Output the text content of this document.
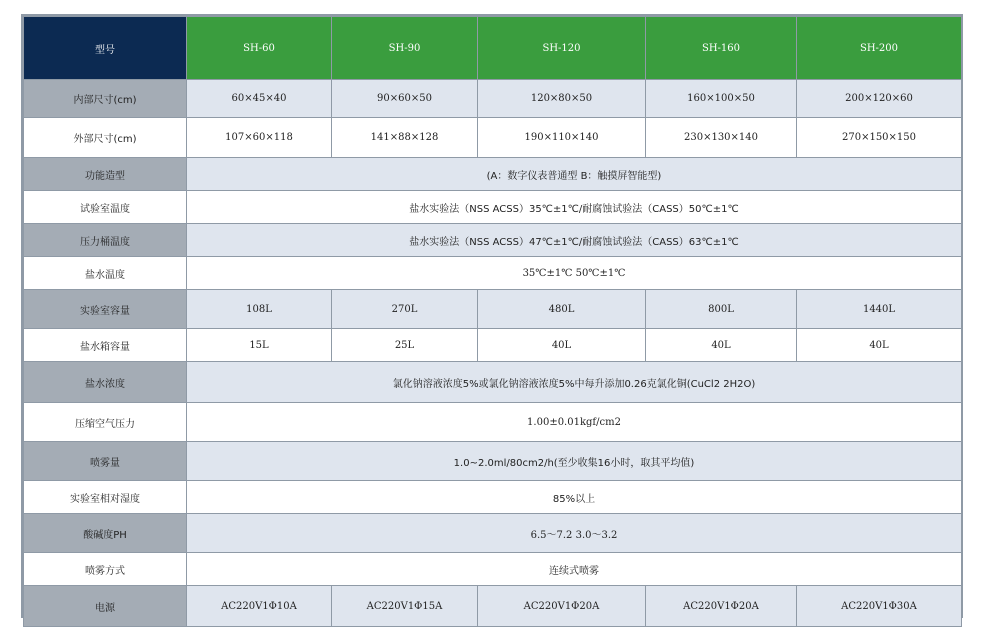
型号	SH-60	SH-90	SH-120	SH-160	SH-200
内部尺寸(cm)	60×45×40	90×60×50	120×80×50	160×100×50	200×120×60
外部尺寸(cm)	107×60×118	141×88×128	190×110×140	230×130×140	270×150×150
功能造型	(A：数字仪表普通型 B：触摸屏智能型)				
试验室温度	盐水实验法（NSS ACSS）35℃±1℃/耐腐蚀试验法（CASS）50℃±1℃				
压力桶温度	盐水实验法（NSS ACSS）47℃±1℃/耐腐蚀试验法（CASS）63℃±1℃				
盐水温度	35℃±1℃ 50℃±1℃				
实验室容量	108L	270L	480L	800L	1440L
盐水箱容量	15L	25L	40L	40L	40L
盐水浓度	氯化钠溶液浓度5%或氯化钠溶液浓度5%中每升添加0.26克氯化铜(CuCl2 2H2O)				
压缩空气压力	1.00±0.01kgf/cm2				
喷雾量	1.0~2.0ml/80cm2/h(至少收集16小时，取其平均值)				
实验室相对湿度	85%以上				
酸碱度PH	6.5～7.2 3.0～3.2				
喷雾方式	连续式喷雾				
电源	AC220V1Φ10A	AC220V1Φ15A	AC220V1Φ20A	AC220V1Φ20A	AC220V1Φ30A
